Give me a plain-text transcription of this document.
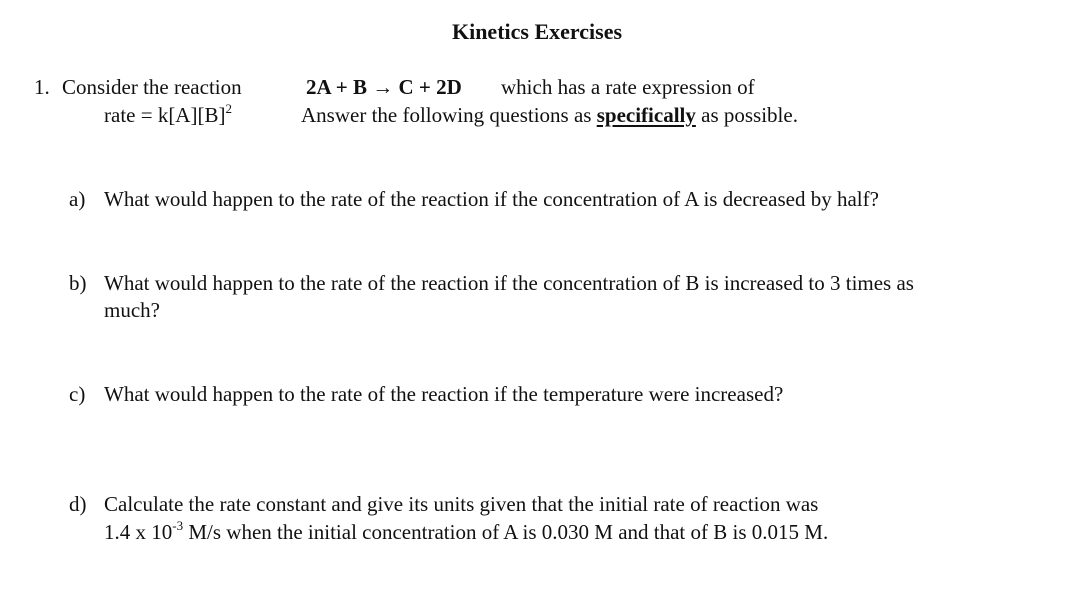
Kinetics Exercises
1. Consider the reaction	2A + B → C + 2D which has a rate expression of
rate = $k[A][B]^2$	Answer the following questions as specifically as possible.
a) What would happen to the rate of the reaction if the concentration of A is decreased by half?
b) What would happen to the rate of the reaction if the concentration of B is increased to 3 times as
much?
c) What would happen to the rate of the reaction if the temperature were increased?
d) Calculate the rate constant and give its units given that the initial rate of reaction was
1.4 x $10^{-3}$ M/s when the initial concentration of A is 0.030 M and that of B is 0.015 M.
